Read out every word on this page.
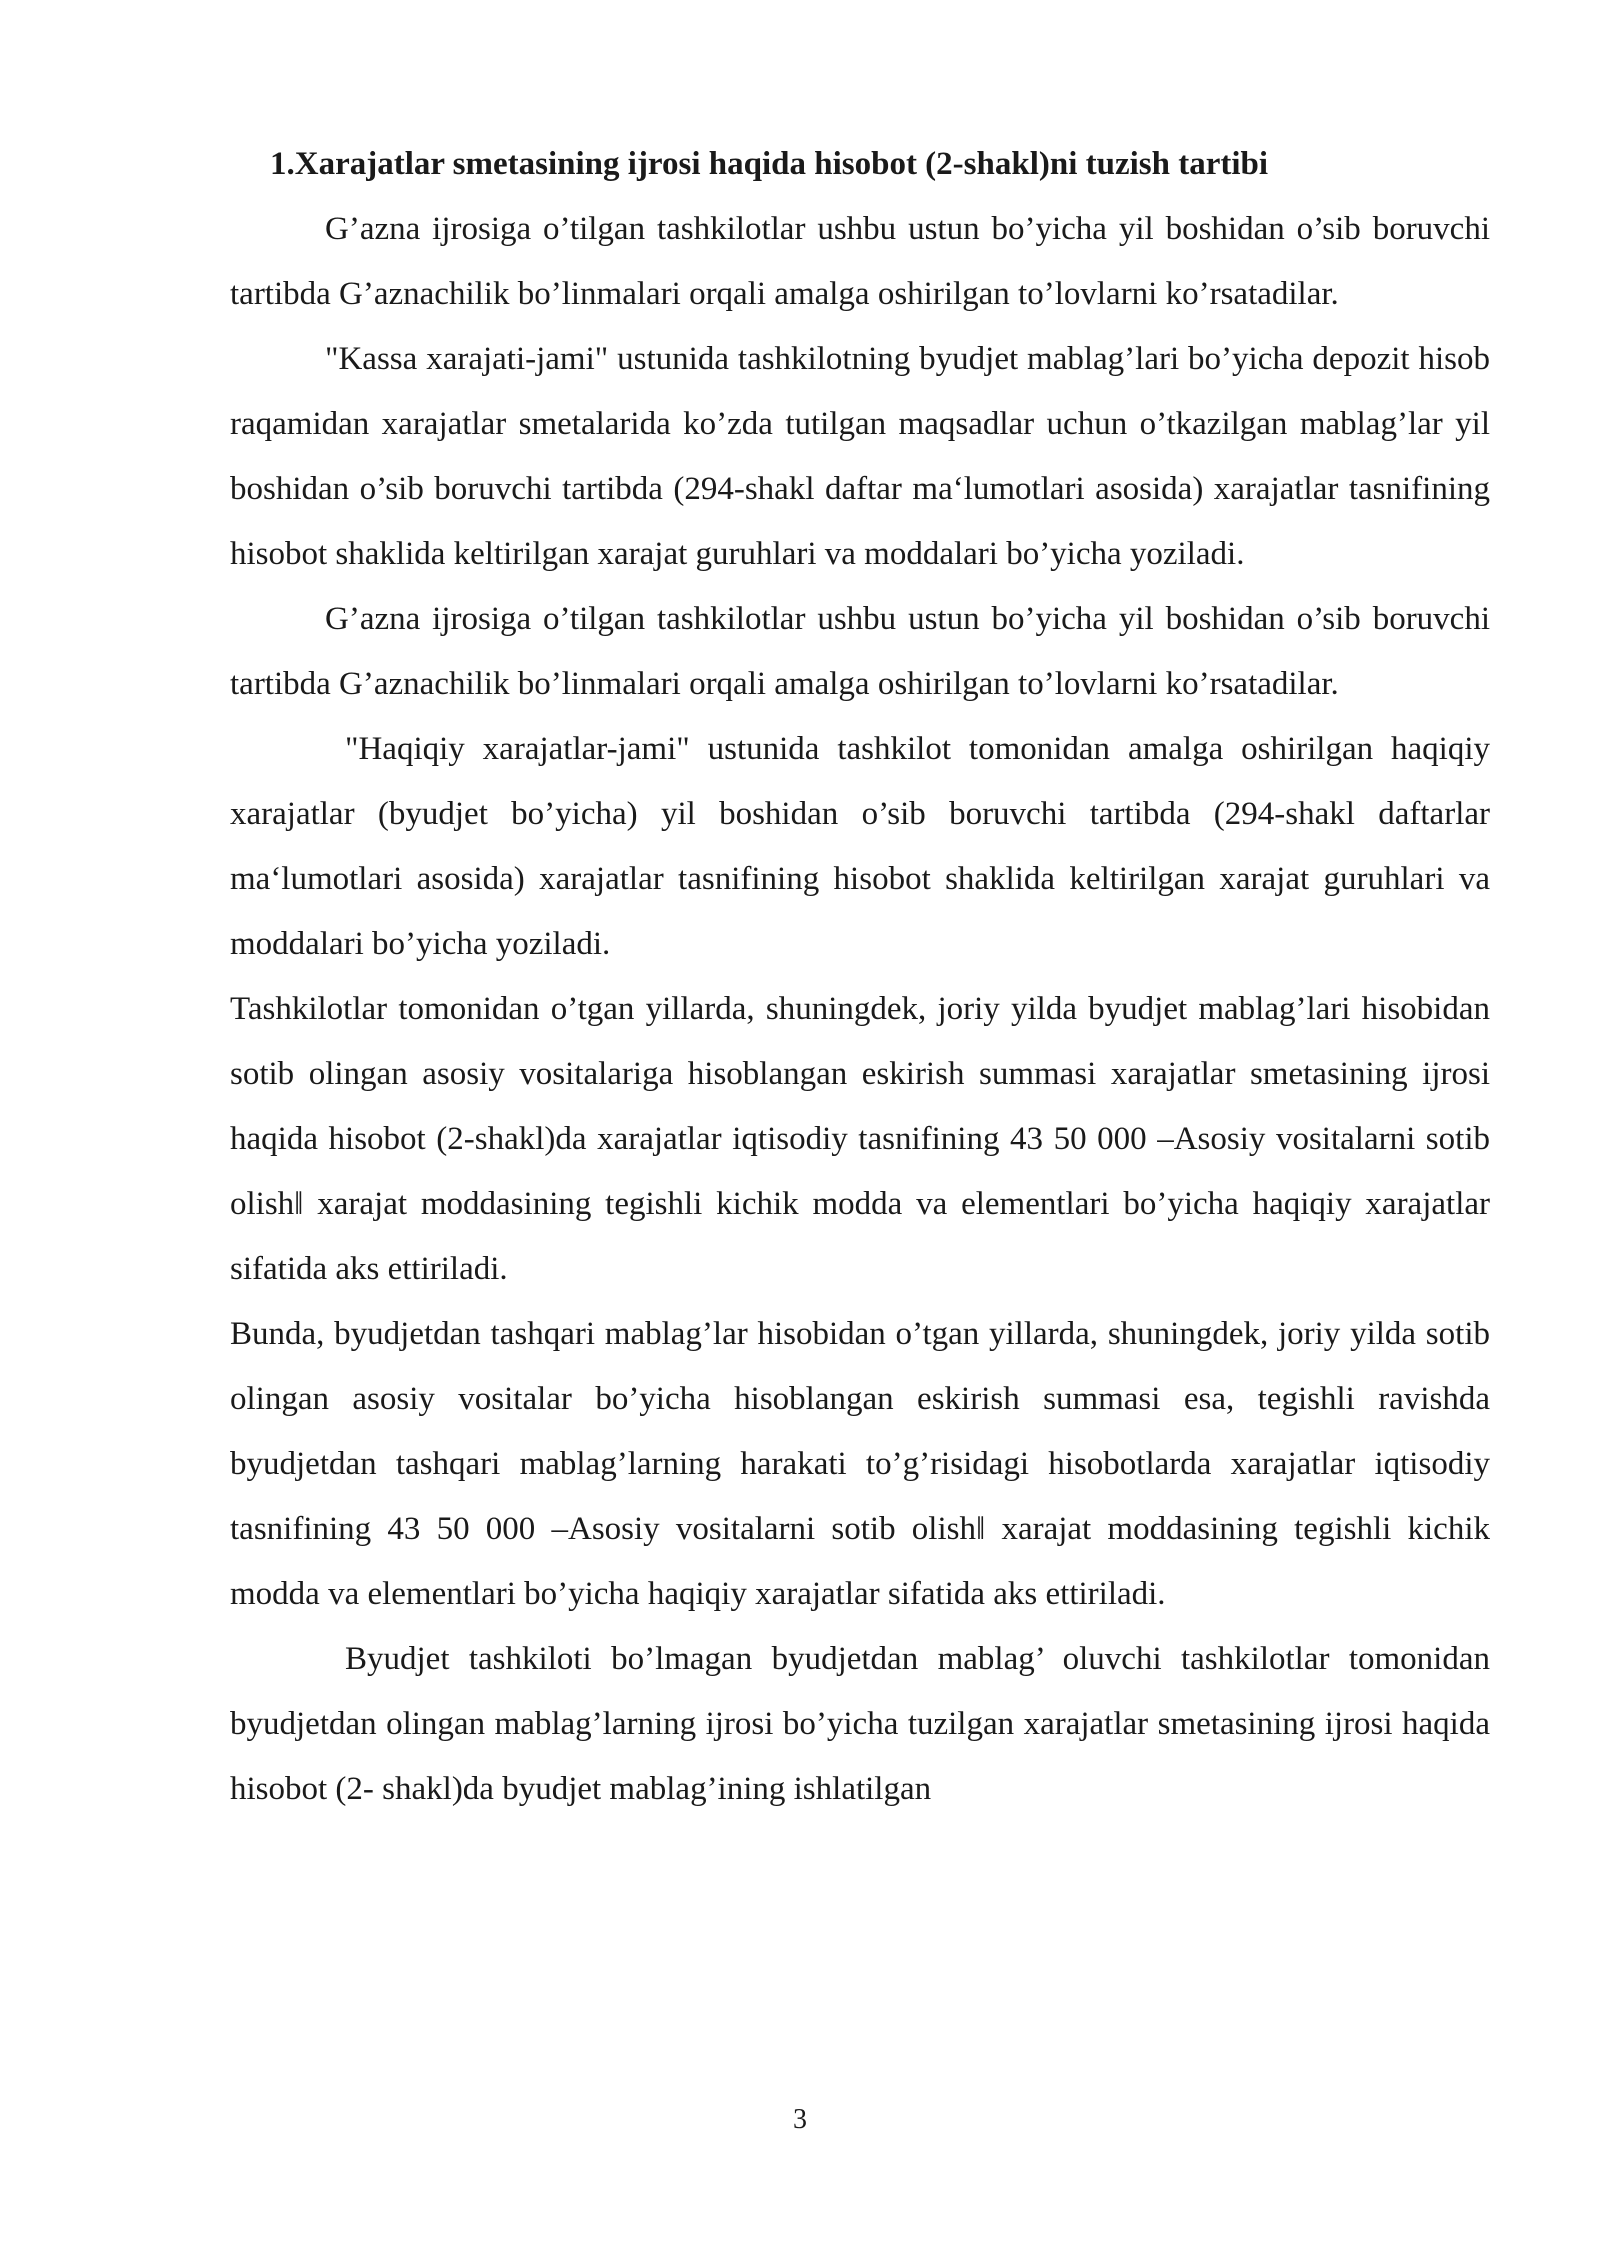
1.Xarajatlar smetasining ijrosi haqida hisobot (2-shakl)ni tuzish tartibi

G’azna ijrosiga o’tilgan tashkilotlar ushbu ustun bo’yicha yil boshidan o’sib boruvchi tartibda G’aznachilik bo’linmalari orqali amalga oshirilgan to’lovlarni ko’rsatadilar.

"Kassa xarajati-jami" ustunida tashkilotning byudjet mablag’lari bo’yicha depozit hisob raqamidan xarajatlar smetalarida ko’zda tutilgan maqsadlar uchun o’tkazilgan mablag’lar yil boshidan o’sib boruvchi tartibda (294-shakl daftar ma‘lumotlari asosida) xarajatlar tasnifining hisobot shaklida keltirilgan xarajat guruhlari va moddalari bo’yicha yoziladi.

G’azna ijrosiga o’tilgan tashkilotlar ushbu ustun bo’yicha yil boshidan o’sib boruvchi tartibda G’aznachilik bo’linmalari orqali amalga oshirilgan to’lovlarni ko’rsatadilar.

"Haqiqiy xarajatlar-jami" ustunida tashkilot tomonidan amalga oshirilgan haqiqiy xarajatlar (byudjet bo’yicha) yil boshidan o’sib boruvchi tartibda (294-shakl daftarlar ma‘lumotlari asosida) xarajatlar tasnifining hisobot shaklida keltirilgan xarajat guruhlari va moddalari bo’yicha yoziladi.

Tashkilotlar tomonidan o’tgan yillarda, shuningdek, joriy yilda byudjet mablag’lari hisobidan sotib olingan asosiy vositalariga hisoblangan eskirish summasi xarajatlar smetasining ijrosi haqida hisobot (2-shakl)da xarajatlar iqtisodiy tasnifining 43 50 000 –Asosiy vositalarni sotib olish‖ xarajat moddasining tegishli kichik modda va elementlari bo’yicha haqiqiy xarajatlar sifatida aks ettiriladi.

Bunda, byudjetdan tashqari mablag’lar hisobidan o’tgan yillarda, shuningdek, joriy yilda sotib olingan asosiy vositalar bo’yicha hisoblangan eskirish summasi esa, tegishli ravishda byudjetdan tashqari mablag’larning harakati to’g’risidagi hisobotlarda xarajatlar iqtisodiy tasnifining 43 50 000 –Asosiy vositalarni sotib olish‖ xarajat moddasining tegishli kichik modda va elementlari bo’yicha haqiqiy xarajatlar sifatida aks ettiriladi.

Byudjet tashkiloti bo’lmagan byudjetdan mablag’ oluvchi tashkilotlar tomonidan byudjetdan olingan mablag’larning ijrosi bo’yicha tuzilgan xarajatlar smetasining ijrosi haqida hisobot (2- shakl)da byudjet mablag’ining ishlatilgan

3
